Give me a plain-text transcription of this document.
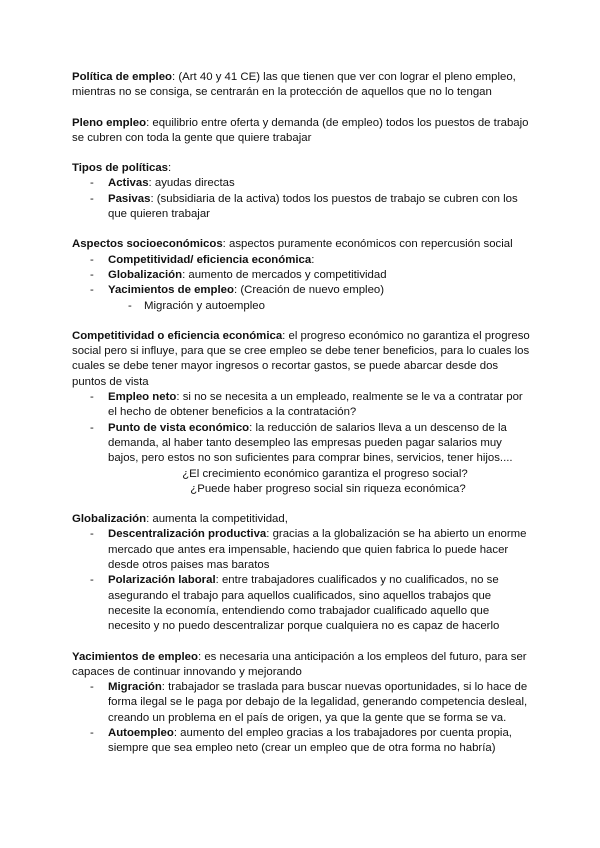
Política de empleo: (Art 40 y 41 CE) las que tienen que ver con lograr el pleno empleo, mientras no se consiga, se centrarán en la protección de aquellos que no lo tengan

Pleno empleo: equilibrio entre oferta y demanda (de empleo) todos los puestos de trabajo se cubren con toda la gente que quiere trabajar

Tipos de políticas:

- Activas: ayudas directas
- Pasivas: (subsidiaria de la activa) todos los puestos de trabajo se cubren con los que quieren trabajar

Aspectos socioeconómicos: aspectos puramente económicos con repercusión social

- Competitividad/ eficiencia económica:
- Globalización: aumento de mercados y competitividad
- Yacimientos de empleo: (Creación de nuevo empleo)
- Migración y autoempleo

Competitividad o eficiencia económica: el progreso económico no garantiza el progreso social pero si influye, para que se cree empleo se debe tener beneficios, para lo cuales los cuales se debe tener mayor ingresos o recortar gastos, se puede abarcar desde dos puntos de vista

- Empleo neto: si no se necesita a un empleado, realmente se le va a contratar por el hecho de obtener beneficios a la contratación?
- Punto de vista económico: la reducción de salarios lleva a un descenso de la demanda, al haber tanto desempleo las empresas pueden pagar salarios muy bajos, pero estos no son suficientes para comprar bines, servicios, tener hijos....
¿El crecimiento económico garantiza el progreso social?
¿Puede haber progreso social sin riqueza económica?

Globalización: aumenta la competitividad,

- Descentralización productiva: gracias a la globalización se ha abierto un enorme mercado que antes era impensable, haciendo que quien fabrica lo puede hacer desde otros paises mas baratos
- Polarización laboral: entre trabajadores cualificados y no cualificados, no se asegurando el trabajo para aquellos cualificados, sino aquellos trabajos que necesite la economía, entendiendo como trabajador cualificado aquello que necesito y no puedo descentralizar porque cualquiera no es capaz de hacerlo

Yacimientos de empleo: es necesaria una anticipación a los empleos del futuro, para ser capaces de continuar innovando y mejorando

- Migración: trabajador se traslada para buscar nuevas oportunidades, si lo hace de forma ilegal se le paga por debajo de la legalidad, generando competencia desleal, creando un problema en el país de origen, ya que la gente que se forma se va.
- Autoempleo: aumento del empleo gracias a los trabajadores por cuenta propia, siempre que sea empleo neto (crear un empleo que de otra forma no habría)
